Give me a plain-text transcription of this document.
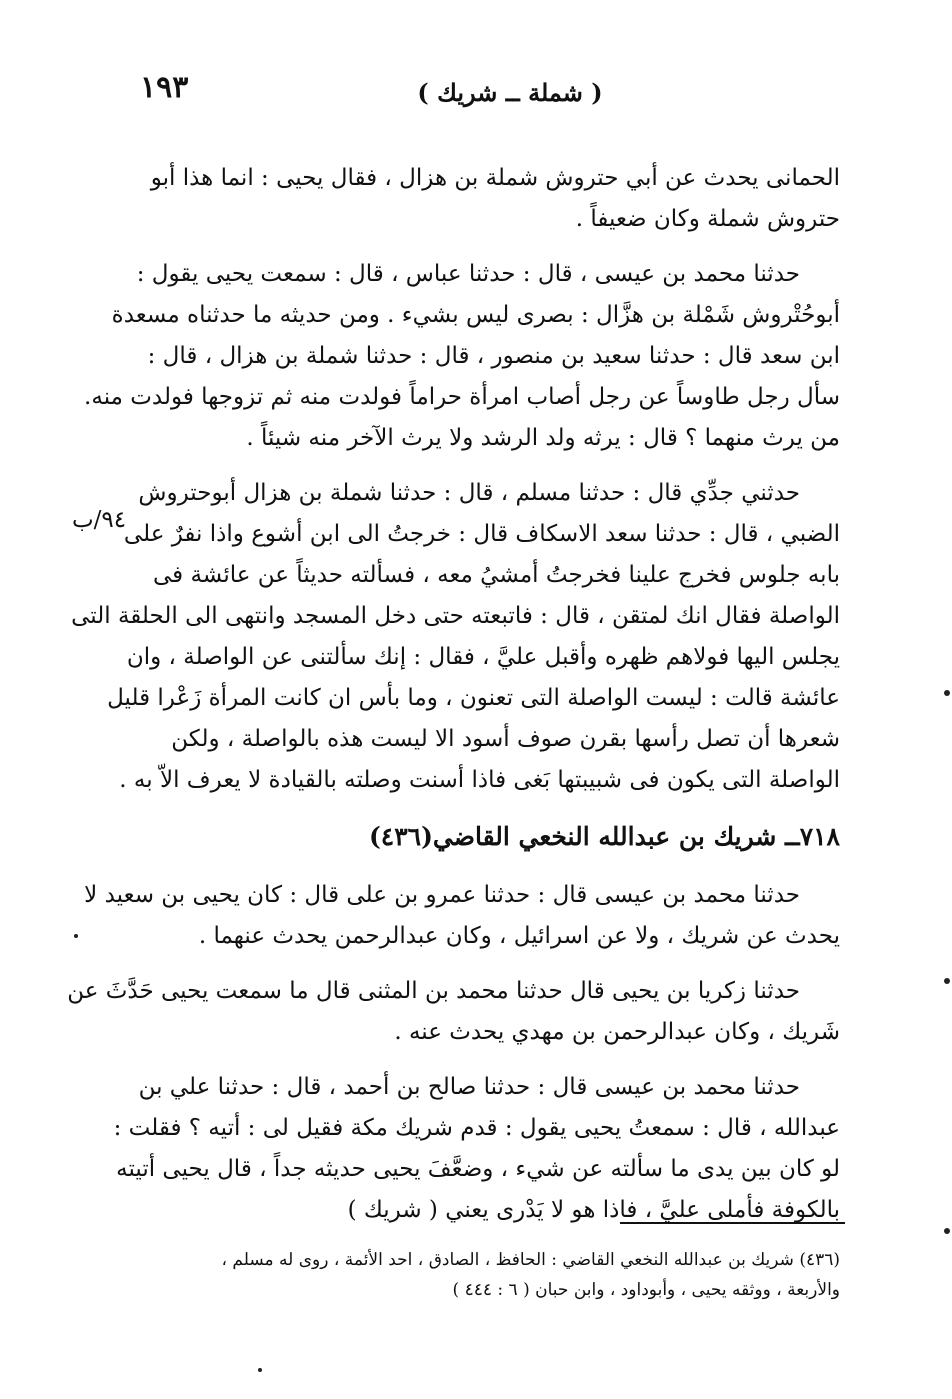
١٩٣	( شملة ــ شريك )
٩٤/ب
الحمانى يحدث عن أبي حتروش شملة بن هزال ، فقال يحيى : انما هذا أبو
حتروش شملة وكان ضعيفاً .
حدثنا محمد بن عيسى ، قال : حدثنا عباس ، قال : سمعت يحيى يقول :
أبوحُتْروش شَمْلة بن هزَّال : بصرى ليس بشيء . ومن حديثه ما حدثناه مسعدة
ابن سعد قال : حدثنا سعيد بن منصور ، قال : حدثنا شملة بن هزال ، قال :
سأل رجل طاوساً عن رجل أصاب امرأة حراماً فولدت منه ثم تزوجها فولدت منه.
من يرث منهما ؟ قال : يرثه ولد الرشد ولا يرث الآخر منه شيئاً .
حدثني جدِّي قال : حدثنا مسلم ، قال : حدثنا شملة بن هزال أبوحتروش
الضبي ، قال : حدثنا سعد الاسكاف قال : خرجتُ الى ابن أشوع واذا نفرٌ على
بابه جلوس فخرج علينا فخرجتُ أمشيُ معه ، فسألته حديثاً عن عائشة فى
الواصلة فقال انك لمتقن ، قال : فاتبعته حتى دخل المسجد وانتهى الى الحلقة التى
يجلس اليها فولاهم ظهره وأقبل عليَّ ، فقال : إنك سألتنى عن الواصلة ، وان
عائشة قالت : ليست الواصلة التى تعنون ، وما بأس ان كانت المرأة زَعْرا قليل
شعرها أن تصل رأسها بقرن صوف أسود الا ليست هذه بالواصلة ، ولكن
الواصلة التى يكون فى شبيبتها بَغى فاذا أسنت وصلته بالقيادة لا يعرف الاّ به .
٧١٨ــ شريك بن عبدالله النخعي القاضي(٤٣٦)
حدثنا محمد بن عيسى قال : حدثنا عمرو بن على قال : كان يحيى بن سعيد لا
يحدث عن شريك ، ولا عن اسرائيل ، وكان عبدالرحمن يحدث عنهما .
حدثنا زكريا بن يحيى قال حدثنا محمد بن المثنى قال ما سمعت يحيى حَدَّثَ عن
شَريك ، وكان عبدالرحمن بن مهدي يحدث عنه .
حدثنا محمد بن عيسى قال : حدثنا صالح بن أحمد ، قال : حدثنا علي بن
عبدالله ، قال : سمعتُ يحيى يقول : قدم شريك مكة فقيل لى : أتيه ؟ فقلت :
لو كان بين يدى ما سألته عن شيء ، وضعَّفَ يحيى حديثه جداً ، قال يحيى أتيته
بالكوفة فأملى عليَّ ، فاذا هو لا يَدْرى يعني ( شريك )
(٤٣٦) شريك بن عبدالله النخعي القاضي : الحافظ ، الصادق ، احد الأئمة ، روى له مسلم ،
والأربعة ، ووثقه يحيى ، وأبوداود ، وابن حبان ( ٦ : ٤٤٤ )
